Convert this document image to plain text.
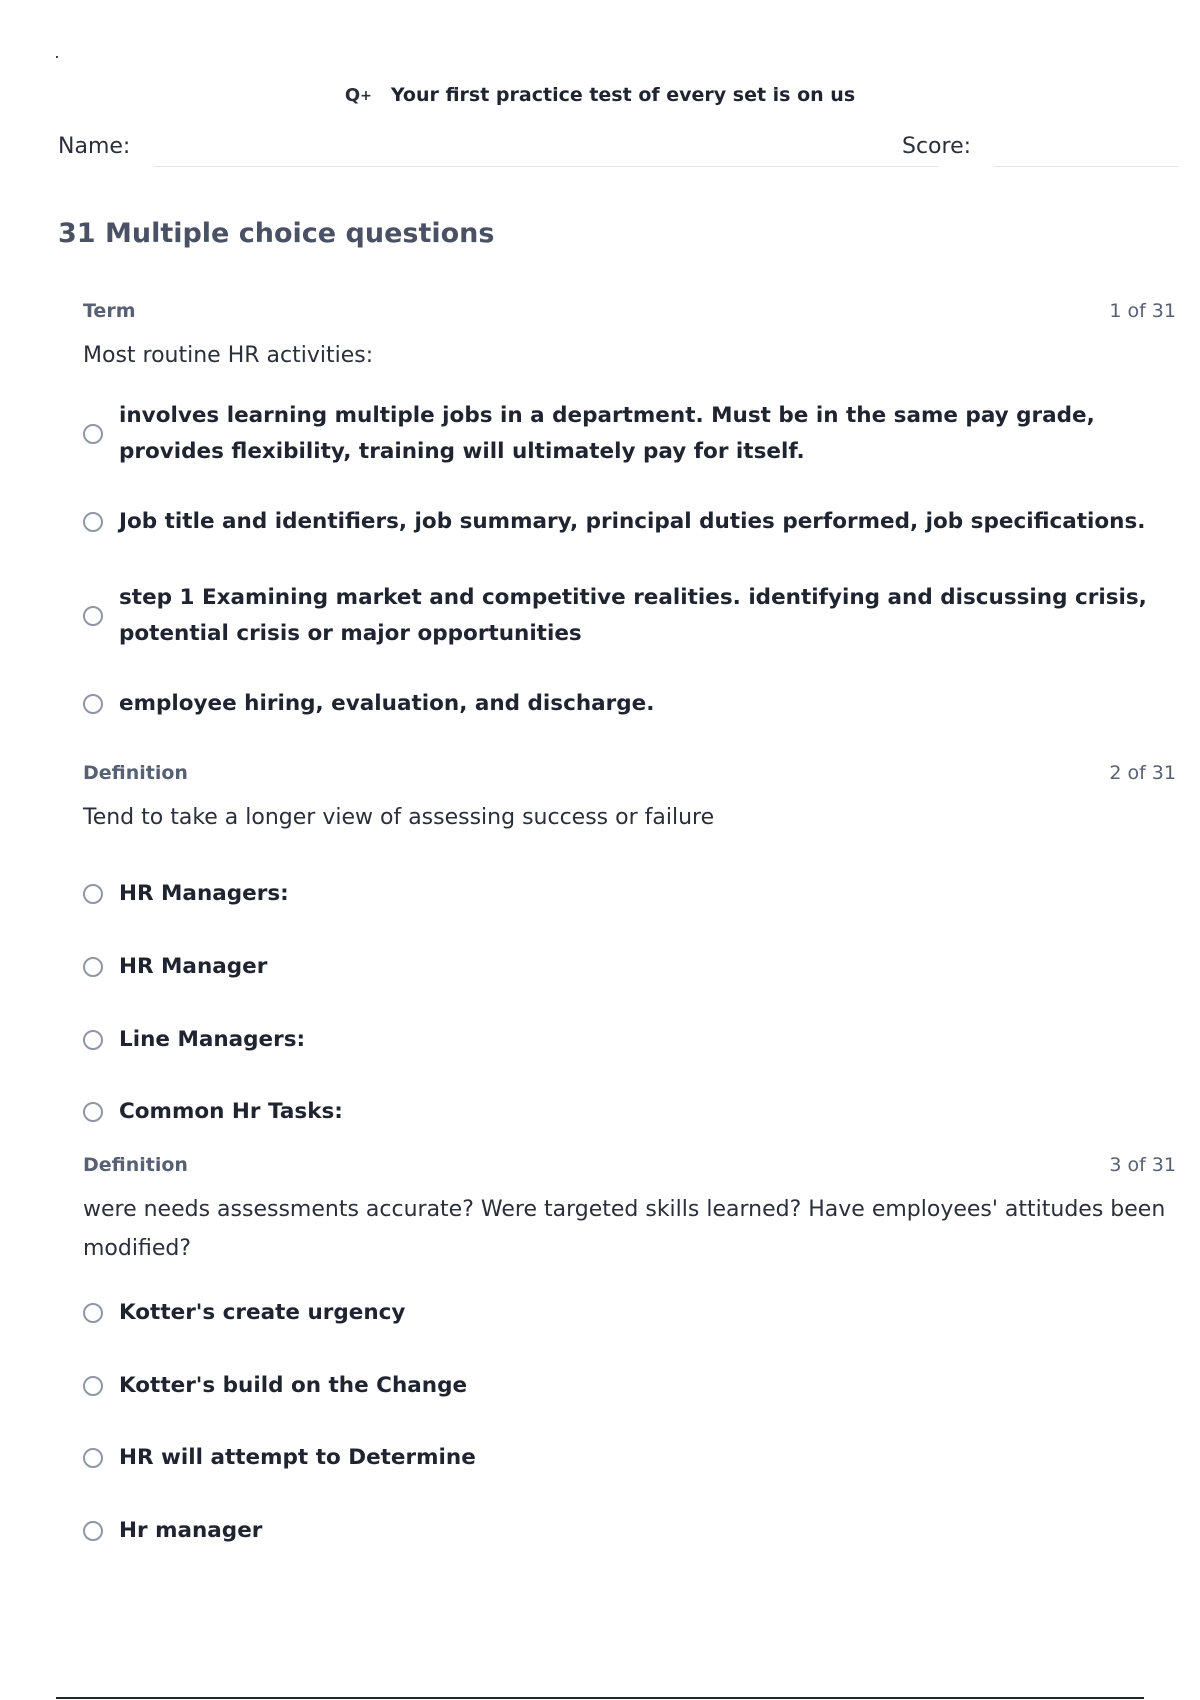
Q+ Your first practice test of every set is on us
Name:	Score:
31 Multiple choice questions
Term	1 of 31
Most routine HR activities:
involves learning multiple jobs in a department. Must be in the same pay grade, provides flexibility, training will ultimately pay for itself.
Job title and identifiers, job summary, principal duties performed, job specifications.
step 1 Examining market and competitive realities. identifying and discussing crisis, potential crisis or major opportunities
employee hiring, evaluation, and discharge.
Definition	2 of 31
Tend to take a longer view of assessing success or failure
HR Managers:
HR Manager
Line Managers:
Common Hr Tasks:
Definition	3 of 31
were needs assessments accurate? Were targeted skills learned? Have employees' attitudes been modified?
Kotter's create urgency
Kotter's build on the Change
HR will attempt to Determine
Hr manager
